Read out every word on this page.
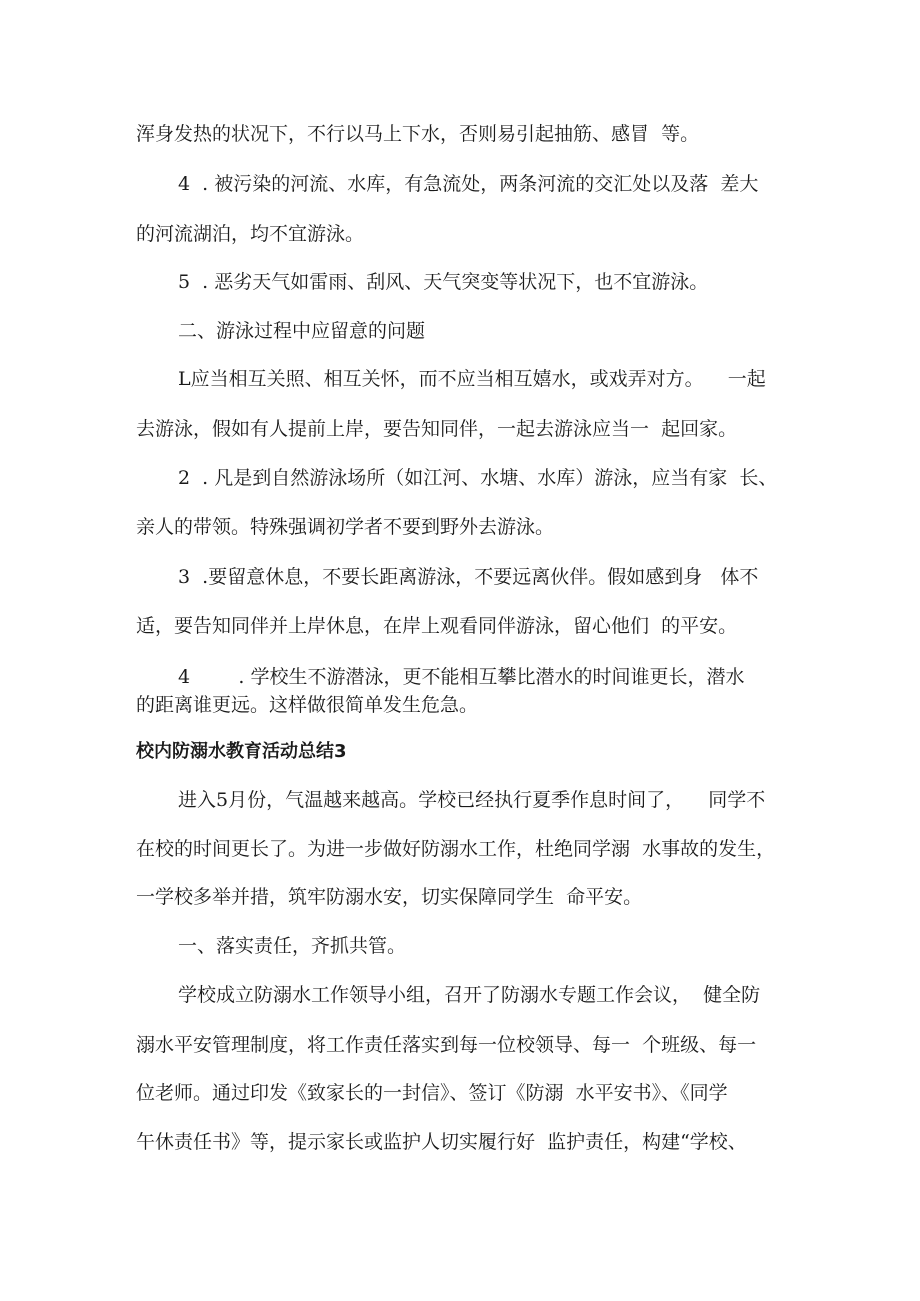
浑身发热的状况下，不行以马上下水，否则易引起抽筋、感冒  等。
4  . 被污染的河流、水库，有急流处，两条河流的交汇处以及落  差大
的河流湖泊，均不宜游泳。
5  . 恶劣天气如雷雨、刮风、天气突变等状况下，也不宜游泳。
二、游泳过程中应留意的问题
L应当相互关照、相互关怀，而不应当相互嬉水，或戏弄对方。    一起
去游泳，假如有人提前上岸，要告知同伴，一起去游泳应当一  起回家。
2  . 凡是到自然游泳场所（如江河、水塘、水库）游泳，应当有家  长、
亲人的带领。特殊强调初学者不要到野外去游泳。
3  .要留意休息，不要长距离游泳，不要远离伙伴。假如感到身   体不
适，要告知同伴并上岸休息，在岸上观看同伴游泳，留心他们  的平安。
4        . 学校生不游潜泳，更不能相互攀比潜水的时间谁更长，潜水
的距离谁更远。这样做很简单发生危急。
校内防溺水教育活动总结3
进入5月份，气温越来越高。学校已经执行夏季作息时间了，    同学不
在校的时间更长了。为进一步做好防溺水工作，杜绝同学溺  水事故的发生，
一学校多举并措，筑牢防溺水安，切实保障同学生  命平安。
一、落实责任，齐抓共管。
学校成立防溺水工作领导小组，召开了防溺水专题工作会议，  健全防
溺水平安管理制度，将工作责任落实到每一位校领导、每一  个班级、每一
位老师。通过印发《致家长的一封信》、签订《防溺  水平安书》、《同学
午休责任书》等，提示家长或监护人切实履行好  监护责任，构建“学校、
